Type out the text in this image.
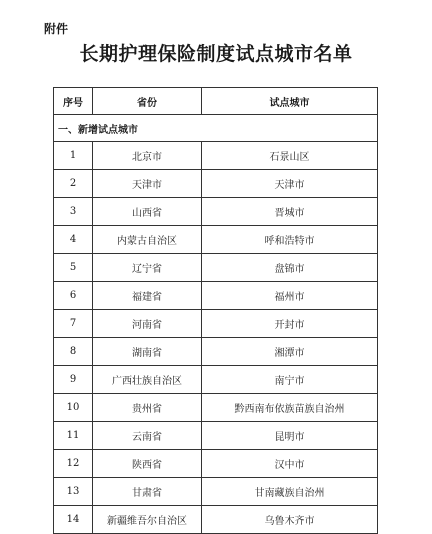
附件
长期护理保险制度试点城市名单
序号	省份	试点城市
一、新增试点城市		
1	北京市	石景山区
2	天津市	天津市
3	山西省	晋城市
4	内蒙古自治区	呼和浩特市
5	辽宁省	盘锦市
6	福建省	福州市
7	河南省	开封市
8	湖南省	湘潭市
9	广西壮族自治区	南宁市
10	贵州省	黔西南布依族苗族自治州
11	云南省	昆明市
12	陕西省	汉中市
13	甘肃省	甘南藏族自治州
14	新疆维吾尔自治区	乌鲁木齐市
